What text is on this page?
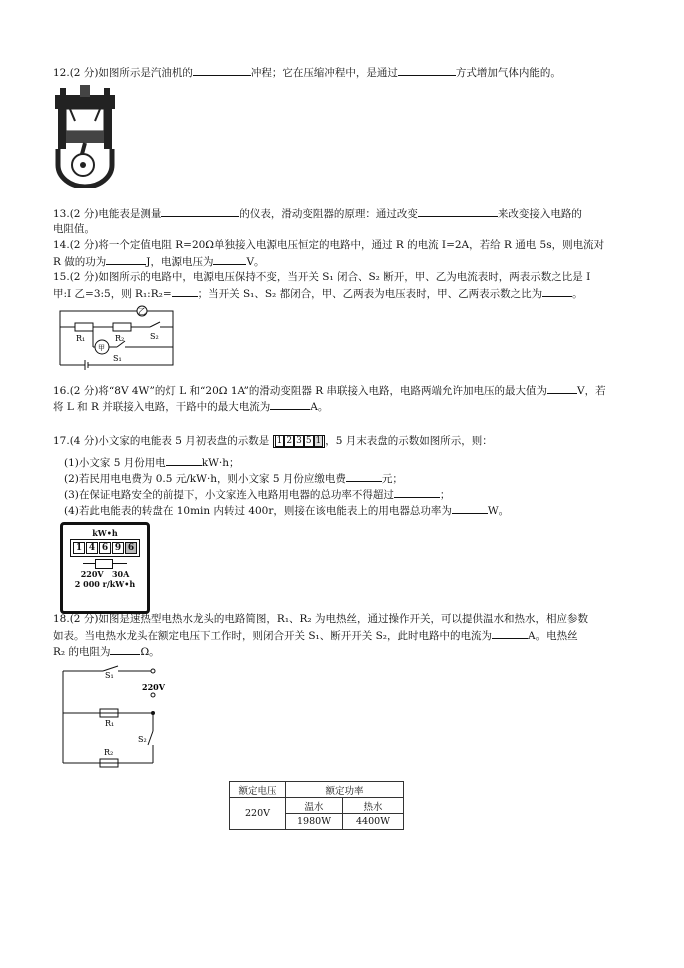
12.(2 分)如图所示是汽油机的	冲程；它在压缩冲程中，是通过	方式增加气体内能的。
13.(2 分)电能表是测量	的仪表，滑动变阻器的原理：通过改变	来改变接入电路的
电阻值。
14.(2 分)将一个定值电阻 R=20Ω单独接入电源电压恒定的电路中，通过 R 的电流 I=2A，若给 R 通电 5s，则电流对
R 做的功为	J，电源电压为	V。
15.(2 分)如图所示的电路中，电源电压保持不变，当开关 S₁ 闭合、S₂ 断开，甲、乙为电流表时，两表示数之比是 I
甲:I 乙=3:5，则 R₁:R₂= ；当开关 S₁、S₂ 都闭合，甲、乙两表为电压表时，甲、乙两表示数之比为	。
R₁	R₂
乙
甲
S₁
S₂
16.(2 分)将“8V 4W”的灯 L 和“20Ω 1A”的滑动变阻器 R 串联接入电路，电路两端允许加电压的最大值为	V，若
将 L 和 R 并联接入电路，干路中的最大电流为	A。
17.(4 分)小文家的电能表 5 月初表盘的示数是 1 2 3 5 1 ，5 月末表盘的示数如图所示，则：
(1)小文家 5 月份用电	kW·h；
(2)若民用电电费为 0.5 元/kW·h，则小文家 5 月份应缴电费	元；
(3)在保证电路安全的前提下，小文家连入电路用电器的总功率不得超过	；
(4)若此电能表的转盘在 10min 内转过 400r，则接在该电能表上的用电器总功率为	W。
kW•h
1 4 6 9 6
220V   30A
2 000 r/kW•h
18.(2 分)如图是速热型电热水龙头的电路简图，R₁、R₂ 为电热丝，通过操作开关，可以提供温水和热水，相应参数
如表。当电热水龙头在额定电压下工作时，则闭合开关 S₁、断开开关 S₂，此时电路中的电流为	A。电热丝
R₂ 的电阻为	Ω。
S₁
220V
R₁
S₂
R₂
额定电压	额定功率	
220V	温水	热水
	1980W	4400W
